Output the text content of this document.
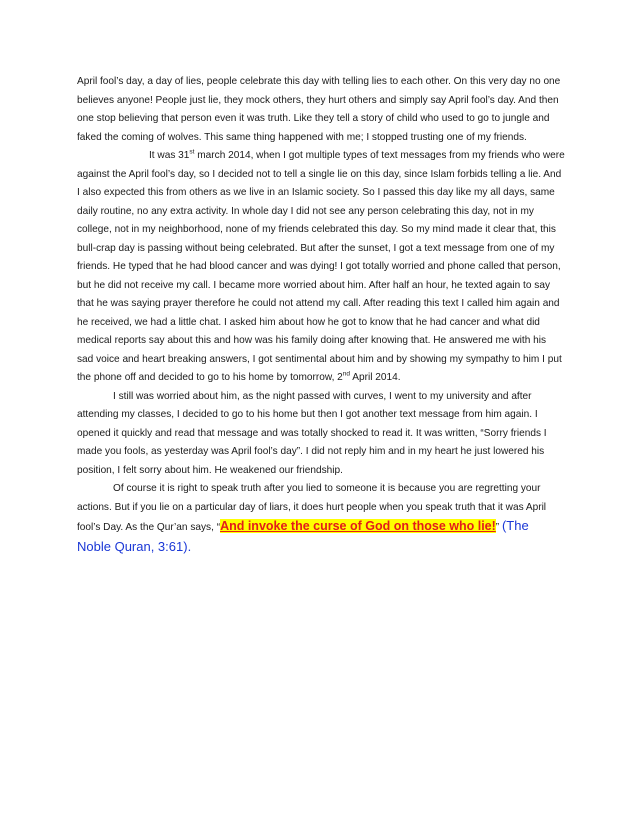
April fool’s day, a day of lies, people celebrate this day with telling lies to each other. On this very day no one believes anyone! People just lie, they mock others, they hurt others and simply say April fool’s day. And then one stop believing that person even it was truth. Like they tell a story of child who used to go to jungle and faked the coming of wolves. This same thing happened with me; I stopped trusting one of my friends.

It was 31st march 2014, when I got multiple types of text messages from my friends who were against the April fool’s day, so I decided not to tell a single lie on this day, since Islam forbids telling a lie. And I also expected this from others as we live in an Islamic society. So I passed this day like my all days, same daily routine, no any extra activity. In whole day I did not see any person celebrating this day, not in my college, not in my neighborhood, none of my friends celebrated this day. So my mind made it clear that, this bull-crap day is passing without being celebrated. But after the sunset, I got a text message from one of my friends. He typed that he had blood cancer and was dying! I got totally worried and phone called that person, but he did not receive my call. I became more worried about him. After half an hour, he texted again to say that he was saying prayer therefore he could not attend my call. After reading this text I called him again and he received, we had a little chat. I asked him about how he got to know that he had cancer and what did medical reports say about this and how was his family doing after knowing that. He answered me with his sad voice and heart breaking answers, I got sentimental about him and by showing my sympathy to him I put the phone off and decided to go to his home by tomorrow, 2nd April 2014.

I still was worried about him, as the night passed with curves, I went to my university and after attending my classes, I decided to go to his home but then I got another text message from him again. I opened it quickly and read that message and was totally shocked to read it. It was written, “Sorry friends I made you fools, as yesterday was April fool’s day”. I did not reply him and in my heart he just lowered his position, I felt sorry about him. He weakened our friendship.

Of course it is right to speak truth after you lied to someone it is because you are regretting your actions. But if you lie on a particular day of liars, it does hurt people when you speak truth that it was April fool’s Day. As the Qur’an says, “And invoke the curse of God on those who lie!” (The Noble Quran, 3:61).
